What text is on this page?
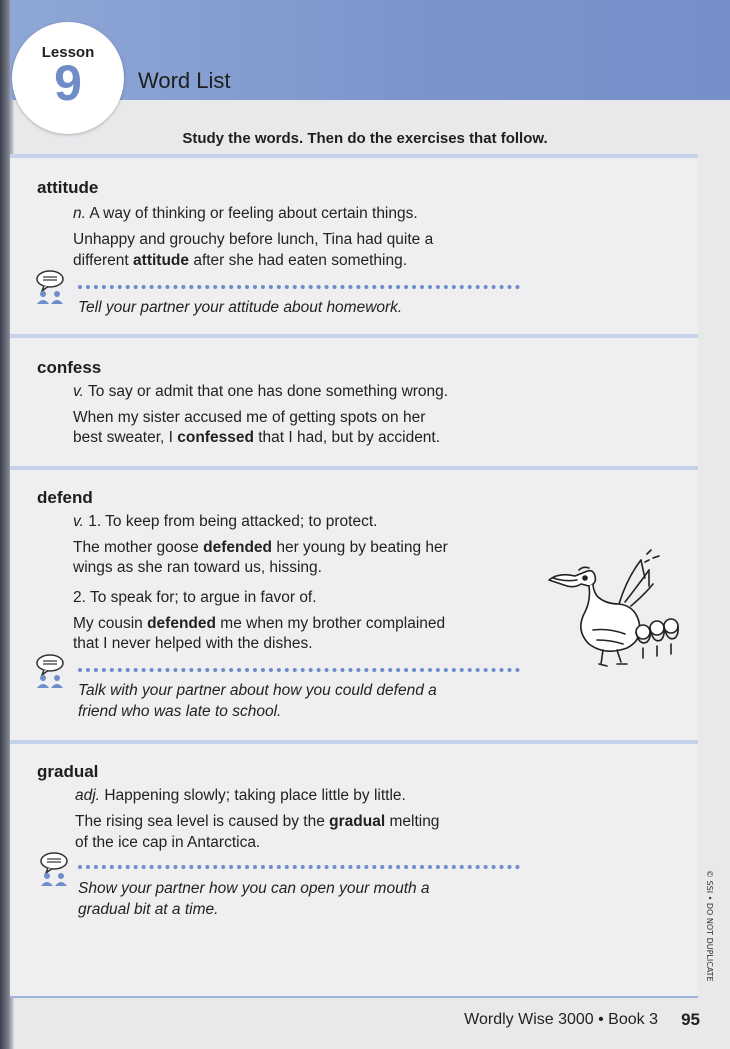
Lesson
9	Word List
Study the words. Then do the exercises that follow.
attitude
n. A way of thinking or feeling about certain things.
Unhappy and grouchy before lunch, Tina had quite a
different attitude after she had eaten something.
Tell your partner your attitude about homework.
confess
v. To say or admit that one has done something wrong.
When my sister accused me of getting spots on her
best sweater, I confessed that I had, but by accident.
defend
v. 1. To keep from being attacked; to protect.
The mother goose defended her young by beating her
wings as she ran toward us, hissing.
2. To speak for; to argue in favor of.
My cousin defended me when my brother complained
that I never helped with the dishes.
Talk with your partner about how you could defend a
friend who was late to school.
gradual
adj. Happening slowly; taking place little by little.
The rising sea level is caused by the gradual melting
of the ice cap in Antarctica.
Show your partner how you can open your mouth a
gradual bit at a time.	© SSI • DO NOT DUPLICATE
Wordly Wise 3000 • Book 3 95
